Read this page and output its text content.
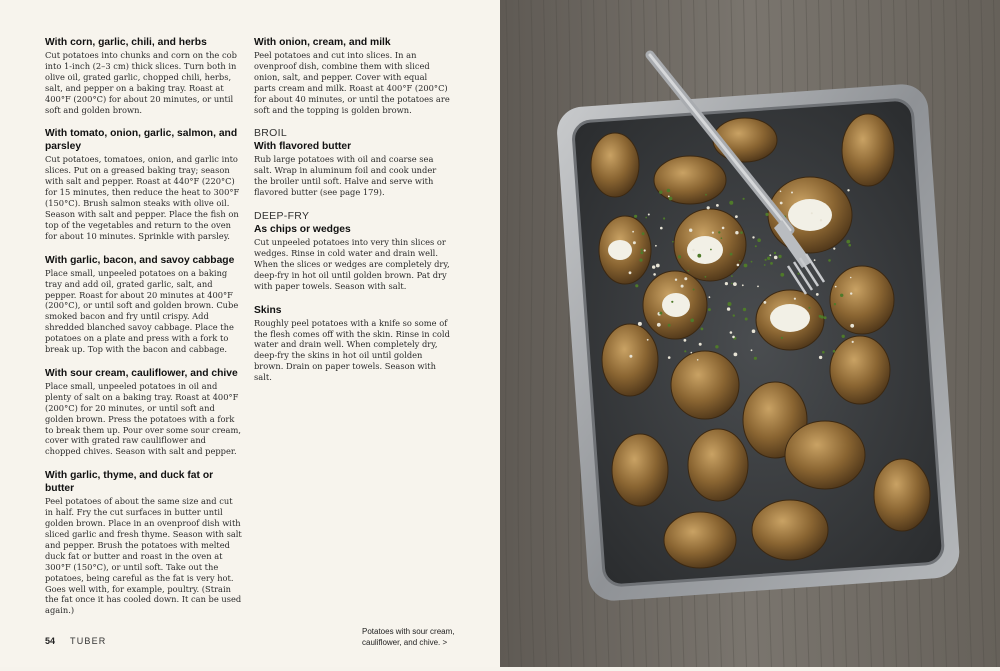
With corn, garlic, chili, and herbs

Cut potatoes into chunks and corn on the cob into 1-inch (2–3 cm) thick slices. Turn both in olive oil, grated garlic, chopped chili, herbs, salt, and pepper on a baking tray. Roast at 400°F (200°C) for about 20 minutes, or until soft and golden brown.

With tomato, onion, garlic, salmon, and parsley

Cut potatoes, tomatoes, onion, and garlic into slices. Put on a greased baking tray; season with salt and pepper. Roast at 440°F (220°C) for 15 minutes, then reduce the heat to 300°F (150°C). Brush salmon steaks with olive oil. Season with salt and pepper. Place the fish on top of the vegetables and return to the oven for about 10 minutes. Sprinkle with parsley.

With garlic, bacon, and savoy cabbage

Place small, unpeeled potatoes on a baking tray and add oil, grated garlic, salt, and pepper. Roast for about 20 minutes at 400°F (200°C), or until soft and golden brown. Cube smoked bacon and fry until crispy. Add shredded blanched savoy cabbage. Place the potatoes on a plate and press with a fork to break up. Top with the bacon and cabbage.

With sour cream, cauliflower, and chive

Place small, unpeeled potatoes in oil and plenty of salt on a baking tray. Roast at 400°F (200°C) for 20 minutes, or until soft and golden brown. Press the potatoes with a fork to break them up. Pour over some sour cream, cover with grated raw cauliflower and chopped chives. Season with salt and pepper.

With garlic, thyme, and duck fat or butter

Peel potatoes of about the same size and cut in half. Fry the cut surfaces in butter until golden brown. Place in an ovenproof dish with sliced garlic and fresh thyme. Season with salt and pepper. Brush the potatoes with melted duck fat or butter and roast in the oven at 300°F (150°C), or until soft. Take out the potatoes, being careful as the fat is very hot. Goes well with, for example, poultry. (Strain the fat once it has cooled down. It can be used again.)

With onion, cream, and milk

Peel potatoes and cut into slices. In an ovenproof dish, combine them with sliced onion, salt, and pepper. Cover with equal parts cream and milk. Roast at 400°F (200°C) for about 40 minutes, or until the potatoes are soft and the topping is golden brown.

BROIL
With flavored butter

Rub large potatoes with oil and coarse sea salt. Wrap in aluminum foil and cook under the broiler until soft. Halve and serve with flavored butter (see page 179).

DEEP-FRY
As chips or wedges

Cut unpeeled potatoes into very thin slices or wedges. Rinse in cold water and drain well. When the slices or wedges are completely dry, deep-fry in hot oil until golden brown. Pat dry with paper towels. Season with salt.

Skins

Roughly peel potatoes with a knife so some of the flesh comes off with the skin. Rinse in cold water and drain well. When completely dry, deep-fry the skins in hot oil until golden brown. Drain on paper towels. Season with salt.

54 TUBER
Potatoes with sour cream, cauliflower, and chive. >
